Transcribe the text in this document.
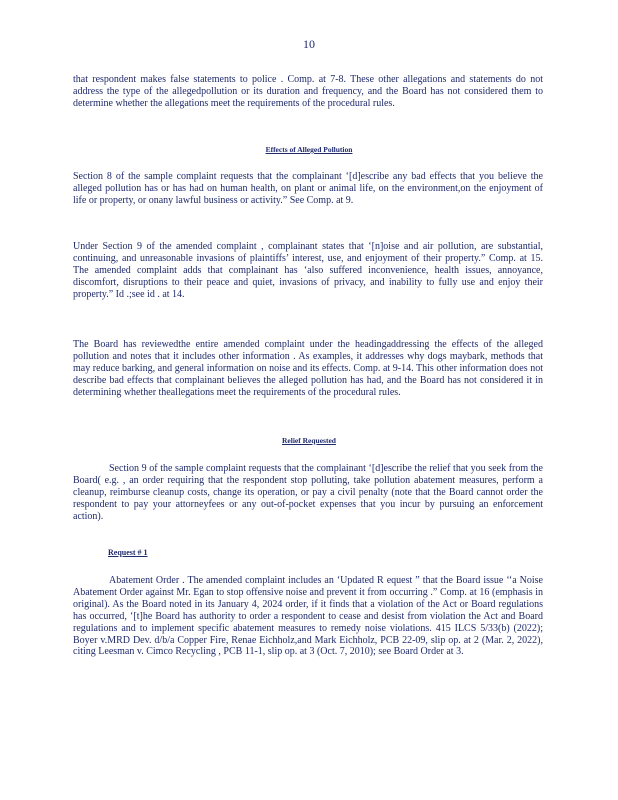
10

that respondent makes false statements to police . Comp. at 7-8. These other allegations and statements do not address the type of the allegedpollution or its duration and frequency, and the Board has not considered them to determine whether the allegations meet the requirements of the procedural rules.

Effects of Alleged Pollution

Section 8 of the sample complaint requests that the complainant ‘[d]escribe any bad effects that you believe the alleged pollution has or has had on human health, on plant or animal life, on the environment,on the enjoyment of life or property, or onany lawful business or activity.” See Comp. at 9.

Under Section 9 of the amended complaint , complainant states that ‘[n]oise and air pollution, are substantial, continuing, and unreasonable invasions of plaintiffs’ interest, use, and enjoyment of their property.” Comp. at 15. The amended complaint adds that complainant has ‘also suffered inconvenience, health issues, annoyance, discomfort, disruptions to their peace and quiet, invasions of privacy, and inability to fully use and enjoy their property.” Id .;see id . at 14.

The Board has reviewedthe entire amended complaint under the headingaddressing the effects of the alleged pollution and notes that it includes other information . As examples, it addresses why dogs maybark, methods that may reduce barking, and general information on noise and its effects. Comp. at 9-14. This other information does not describe bad effects that complainant believes the alleged pollution has had, and the Board has not considered it in determining whether theallegations meet the requirements of the procedural rules.

Relief Requested

Section 9 of the sample complaint requests that the complainant ‘[d]escribe the relief that you seek from the Board( e.g. , an order requiring that the respondent stop polluting, take pollution abatement measures, perform a cleanup, reimburse cleanup costs, change its operation, or pay a civil penalty (note that the Board cannot order the respondent to pay your attorneyfees or any out-of-pocket expenses that you incur by pursuing an enforcement action).

Request # 1

Abatement Order . The amended complaint includes an ‘Updated R equest ” that the Board issue ‘‘a Noise Abatement Order against Mr. Egan to stop offensive noise and prevent it from occurring .” Comp. at 16 (emphasis in original). As the Board noted in its January 4, 2024 order, if it finds that a violation of the Act or Board regulations has occurred, ‘[t]he Board has authority to order a respondent to cease and desist from violation the Act and Board regulations and to implement specific abatement measures to remedy noise violations. 415 ILCS 5/33(b) (2022); Boyer v.MRD Dev. d/b/a Copper Fire, Renae Eichholz,and Mark Eichholz, PCB 22-09, slip op. at 2 (Mar. 2, 2022), citing Leesman v. Cimco Recycling , PCB 11-1, slip op. at 3 (Oct. 7, 2010); see Board Order at 3.
